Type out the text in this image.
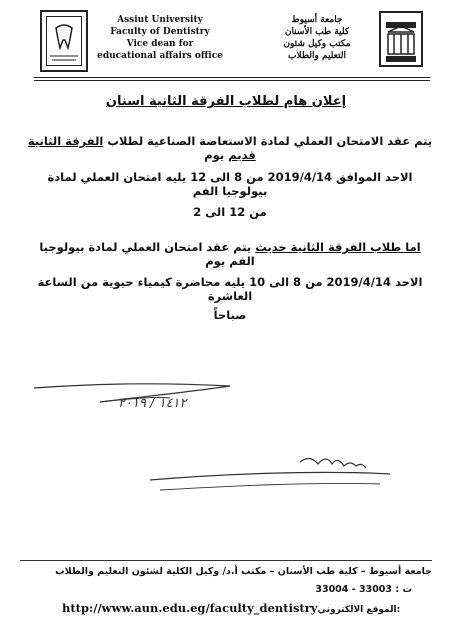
Assiut University
Faculty of Dentistry
Vice dean for
educational affairs office
جامعة أسيوط
كلية طب الأسنان
مكتب وكيل شئون
التعليم والطلاب
إعلان هام لطلاب الفرقة الثانية اسنان
يتم عقد الامتحان العملي لمادة الاستعاضة الصناعية لطلاب الفرقة الثانية قديم يوم
الاحد الموافق 2019/4/14 من 8 الى 12 يليه امتحان العملي لمادة بيولوجيا الفم
من 12 الى 2
اما طلاب الفرقة الثانية حديث يتم عقد امتحان العملي لمادة بيولوجيا الفم يوم
الاحد 2019/4/14 من 8 الى 10 يليه محاضرة كيمياء حيوية من الساعة العاشرة
صباحاً
١٤١٢ / ٢٠١٩
جامعة أسيوط – كلية طب الأسنان – مكتب أ.د/ وكيل الكلية لشئون التعليم والطلاب
ت : 33003 - 33004
http://www.aun.edu.eg/faculty_dentistryالموقع الالكتروني:
